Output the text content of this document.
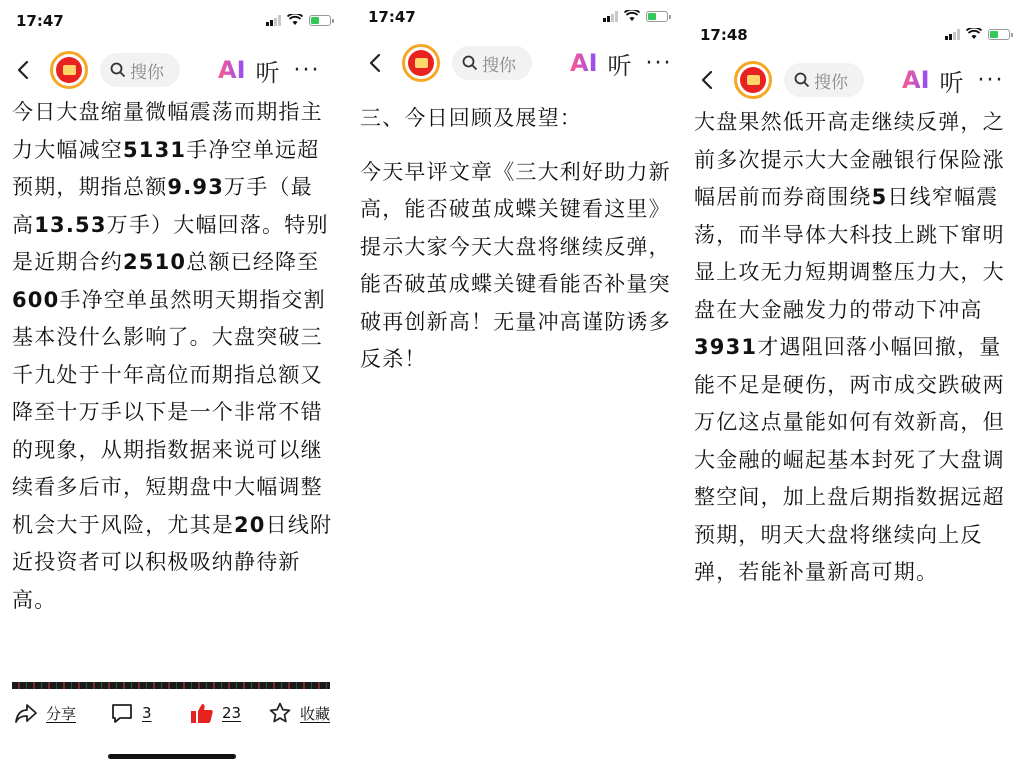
17:47
搜你 AI 听 ···

今日大盘缩量微幅震荡而期指主力大幅减空5131手净空单远超预期，期指总额9.93万手（最高13.53万手）大幅回落。特别是近期合约2510总额已经降至600手净空单虽然明天期指交割基本没什么影响了。大盘突破三千九处于十年高位而期指总额又降至十万手以下是一个非常不错的现象，从期指数据来说可以继续看多后市，短期盘中大幅调整机会大于风险，尤其是20日线附近投资者可以积极吸纳静待新高。

分享	3	23	收藏
17:47
搜你 AI 听 ···

三、今日回顾及展望：

今天早评文章《三大利好助力新高，能否破茧成蝶关键看这里》提示大家今天大盘将继续反弹，能否破茧成蝶关键看能否补量突破再创新高！无量冲高谨防诱多反杀！

17:48
搜你 AI 听 ···

大盘果然低开高走继续反弹，之前多次提示大大金融银行保险涨幅居前而券商围绕5日线窄幅震荡，而半导体大科技上跳下窜明显上攻无力短期调整压力大，大盘在大金融发力的带动下冲高3931才遇阻回落小幅回撤，量能不足是硬伤，两市成交跌破两万亿这点量能如何有效新高，但大金融的崛起基本封死了大盘调整空间，加上盘后期指数据远超预期，明天大盘将继续向上反弹，若能补量新高可期。
